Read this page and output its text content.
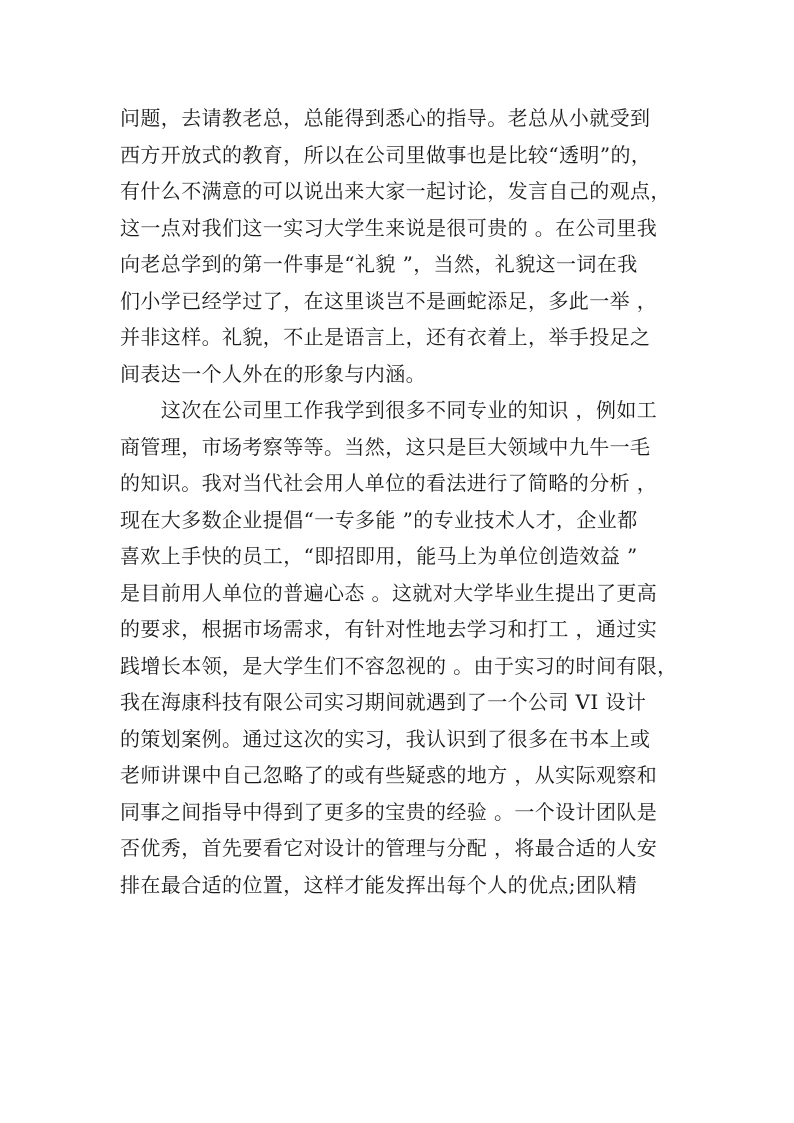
问题，去请教老总，总能得到悉心的指导。老总从小就受到
西方开放式的教育，所以在公司里做事也是比较“透明”的，
有什么不满意的可以说出来大家一起讨论，发言自己的观点，
这一点对我们这一实习大学生来说是很可贵的 。在公司里我
向老总学到的第一件事是“礼貌 ”，当然，礼貌这一词在我
们小学已经学过了，在这里谈岂不是画蛇添足，多此一举 ，
并非这样。礼貌，不止是语言上，还有衣着上，举手投足之
间表达一个人外在的形象与内涵。
　　这次在公司里工作我学到很多不同专业的知识 ，例如工
商管理，市场考察等等。当然，这只是巨大领域中九牛一毛
的知识。我对当代社会用人单位的看法进行了简略的分析 ，
现在大多数企业提倡“一专多能 ”的专业技术人才，企业都
喜欢上手快的员工，“即招即用，能马上为单位创造效益 ”
是目前用人单位的普遍心态 。这就对大学毕业生提出了更高
的要求，根据市场需求，有针对性地去学习和打工 ，通过实
践增长本领，是大学生们不容忽视的 。由于实习的时间有限，
我在海康科技有限公司实习期间就遇到了一个公司 VI 设计
的策划案例。通过这次的实习，我认识到了很多在书本上或
老师讲课中自己忽略了的或有些疑惑的地方 ，从实际观察和
同事之间指导中得到了更多的宝贵的经验 。一个设计团队是
否优秀，首先要看它对设计的管理与分配 ，将最合适的人安
排在最合适的位置，这样才能发挥出每个人的优点;团队精
